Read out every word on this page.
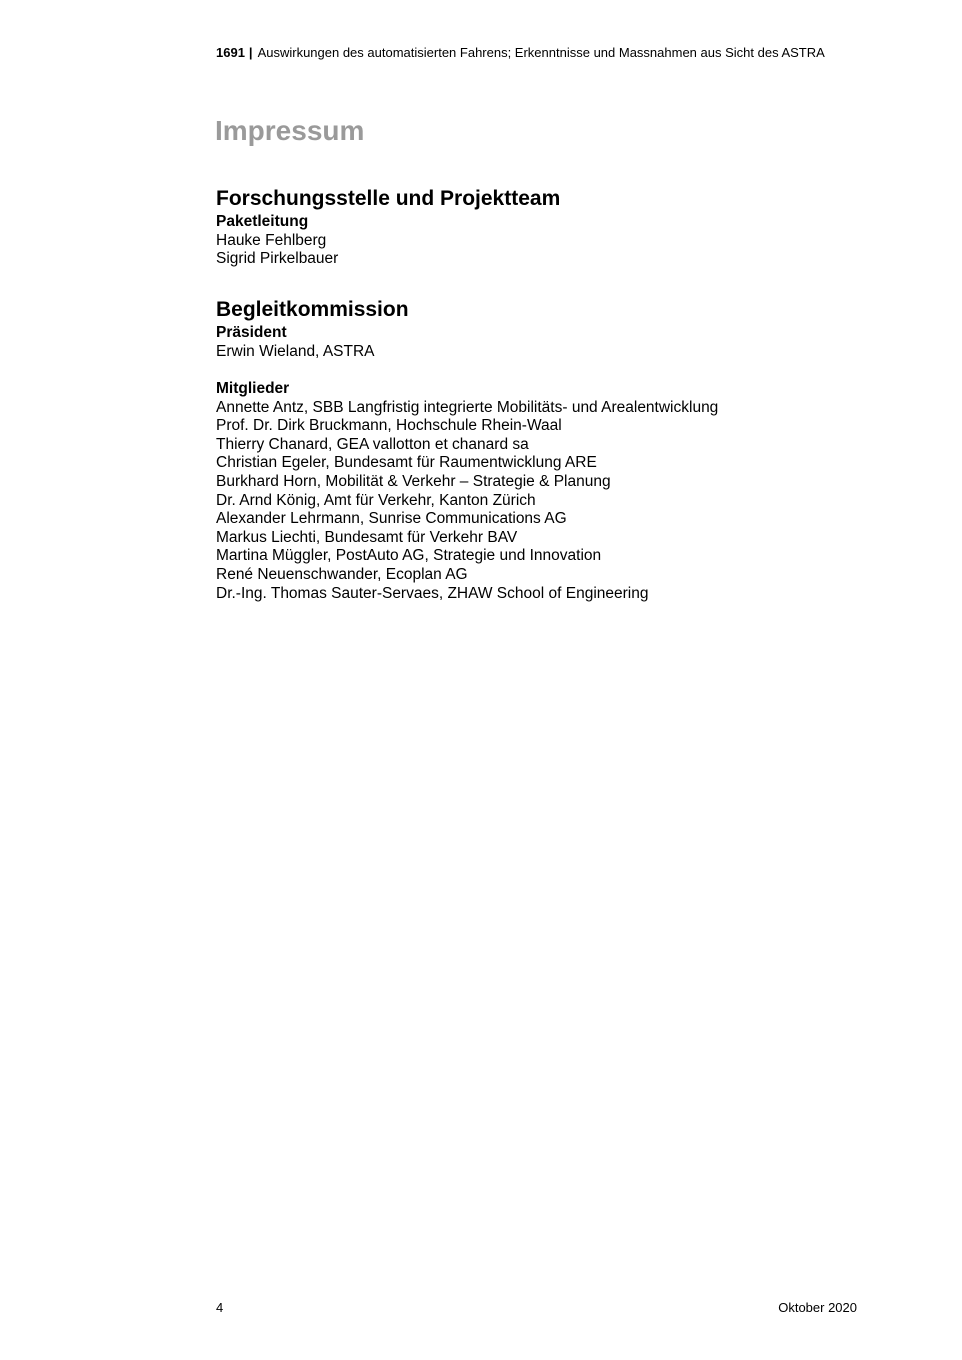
1691 | Auswirkungen des automatisierten Fahrens; Erkenntnisse und Massnahmen aus Sicht des ASTRA
Impressum
Forschungsstelle und Projektteam
Paketleitung
Hauke Fehlberg
Sigrid Pirkelbauer
Begleitkommission
Präsident
Erwin Wieland, ASTRA
Mitglieder
Annette Antz, SBB Langfristig integrierte Mobilitäts- und Arealentwicklung
Prof. Dr. Dirk Bruckmann, Hochschule Rhein-Waal
Thierry Chanard, GEA vallotton et chanard sa
Christian Egeler, Bundesamt für Raumentwicklung ARE
Burkhard Horn, Mobilität & Verkehr – Strategie & Planung
Dr. Arnd König, Amt für Verkehr, Kanton Zürich
Alexander Lehrmann, Sunrise Communications AG
Markus Liechti, Bundesamt für Verkehr BAV
Martina Müggler, PostAuto AG, Strategie und Innovation
René Neuenschwander, Ecoplan AG
Dr.-Ing. Thomas Sauter-Servaes, ZHAW School of Engineering
4	Oktober 2020
